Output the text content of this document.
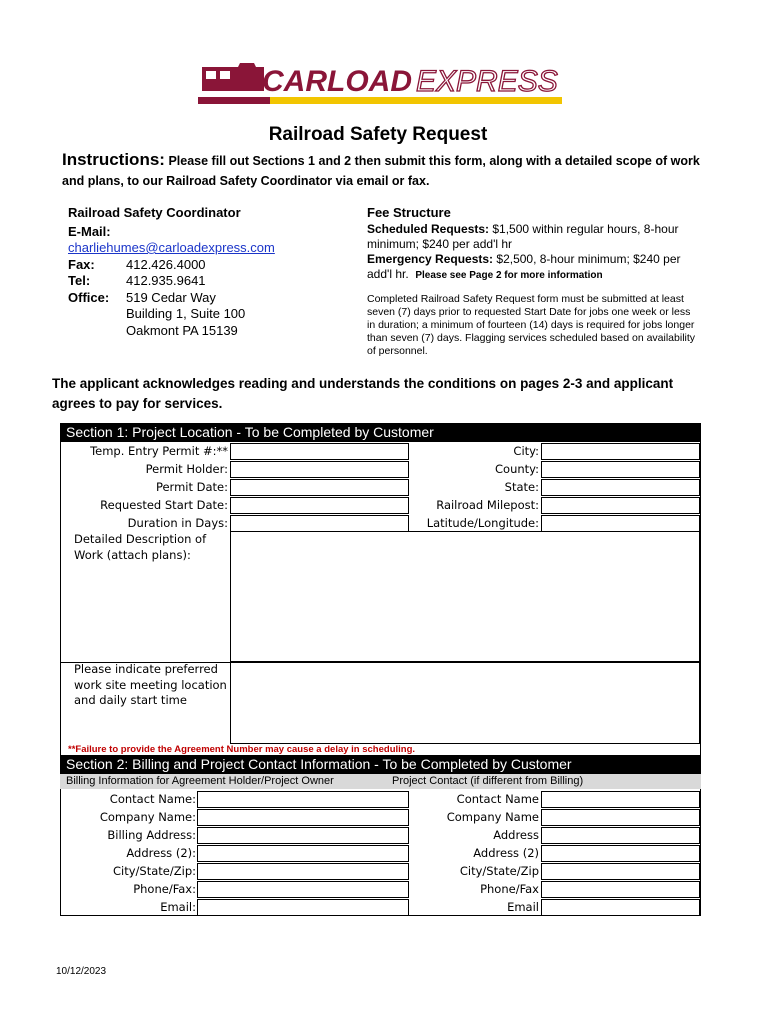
CARLOAD EXPRESS
Railroad Safety Request
Instructions: Please fill out Sections 1 and 2 then submit this form, along with a detailed scope of work and plans, to our Railroad Safety Coordinator via email or fax.
Railroad Safety Coordinator
E-Mail:
charliehumes@carloadexpress.com
Fax:	412.426.4000
Tel:	412.935.9641
Office:	519 Cedar Way
Building 1, Suite 100
Oakmont PA 15139
Fee Structure
Scheduled Requests: $1,500 within regular hours, 8-hour minimum; $240 per add'l hr
Emergency Requests: $2,500, 8-hour minimum; $240 per add'l hr. Please see Page 2 for more information
Completed Railroad Safety Request form must be submitted at least seven (7) days prior to requested Start Date for jobs one week or less in duration; a minimum of fourteen (14) days is required for jobs longer than seven (7) days. Flagging services scheduled based on availability of personnel.
The applicant acknowledges reading and understands the conditions on pages 2-3 and applicant agrees to pay for services.
Section 1: Project Location - To be Completed by Customer
Temp. Entry Permit #:**	City:
Permit Holder:	County:
Permit Date:	State:
Requested Start Date:	Railroad Milepost:
Duration in Days:	Latitude/Longitude:
Detailed Description of Work (attach plans):
Please indicate preferred work site meeting location and daily start time
**Failure to provide the Agreement Number may cause a delay in scheduling.
Section 2: Billing and Project Contact Information - To be Completed by Customer
Billing Information for Agreement Holder/Project Owner	Project Contact (if different from Billing)
Contact Name:	Contact Name
Company Name:	Company Name
Billing Address:	Address
Address (2):	Address (2)
City/State/Zip:	City/State/Zip
Phone/Fax:	Phone/Fax
Email:	Email
10/12/2023
